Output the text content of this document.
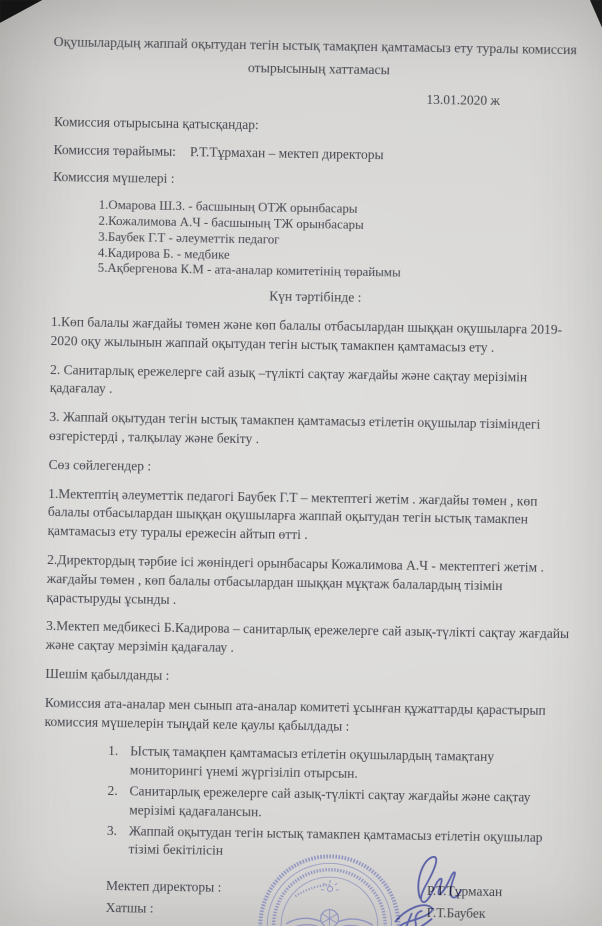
Оқушылардың жаппай оқытудан тегін ыстық тамақпен қамтамасыз ету туралы комиссия
отырысының хаттамасы
13.01.2020 ж

Комиссия отырысына қатысқандар:

Комиссия төрайымы: Р.Т.Тұрмахан – мектеп директоры

Комиссия мүшелері :

1.Омарова Ш.З. - басшының ОТЖ орынбасары
2.Кожалимова А.Ч - басшының ТЖ орынбасары
3.Баубек Г.Т - әлеуметтік педагог
4.Кадирова Б. - медбике
5.Ақбергенова К.М - ата-аналар комитетінің төрайымы
Күн тәртібінде :

1.Көп балалы жағдайы төмен және көп балалы отбасылардан шыққан оқушыларға 2019-2020 оқу жылынын жаппай оқытудан тегін ыстық тамакпен қамтамасыз ету .

2. Санитарлық ережелерге сай азық –түлікті сақтау жағдайы және сақтау мерізімін қадағалау .

3. Жаппай оқытудан тегін ыстық тамакпен қамтамасыз етілетін оқушылар тізіміндегі өзгерістерді , талқылау және бекіту .

Сөз сөйлегендер :

1.Мектептің әлеуметтік педагогі Баубек Г.Т – мектептегі жетім . жағдайы төмен , көп балалы отбасылардан шыққан оқушыларға жаппай оқытудан тегін ыстық тамакпен қамтамасыз ету туралы ережесін айтып өтті .

2.Директордың тәрбие ісі жөніндегі орынбасары Кожалимова А.Ч - мектептегі жетім . жағдайы төмен , көп балалы отбасылардан шыққан мұқтаж балалардың тізімін қарастыруды ұсынды .

3.Мектеп медбикесі Б.Кадирова – санитарлық ережелерге сай азық-түлікті сақтау жағдайы және сақтау мерзімін қадағалау .

Шешім қабылданды :

Комиссия ата-аналар мен сынып ата-аналар комитеті ұсынған құжаттарды қарастырып комиссия мүшелерін тыңдай келе қаулы қабылдады :

1. Ыстық тамақпен қамтамасыз етілетін оқушылардың тамақтану мониторингі үнемі жүргізіліп отырсын.
2. Санитарлық ережелерге сай азық-түлікті сақтау жағдайы және сақтау мерізімі қадағалансын.
3. Жаппай оқытудан тегін ыстық тамакпен қамтамасыз етілетін оқушылар тізімі бекітілісін
Мектеп директоры :	Р.Т.Тұрмахан
Хатшы :	Г.Т.Баубек
